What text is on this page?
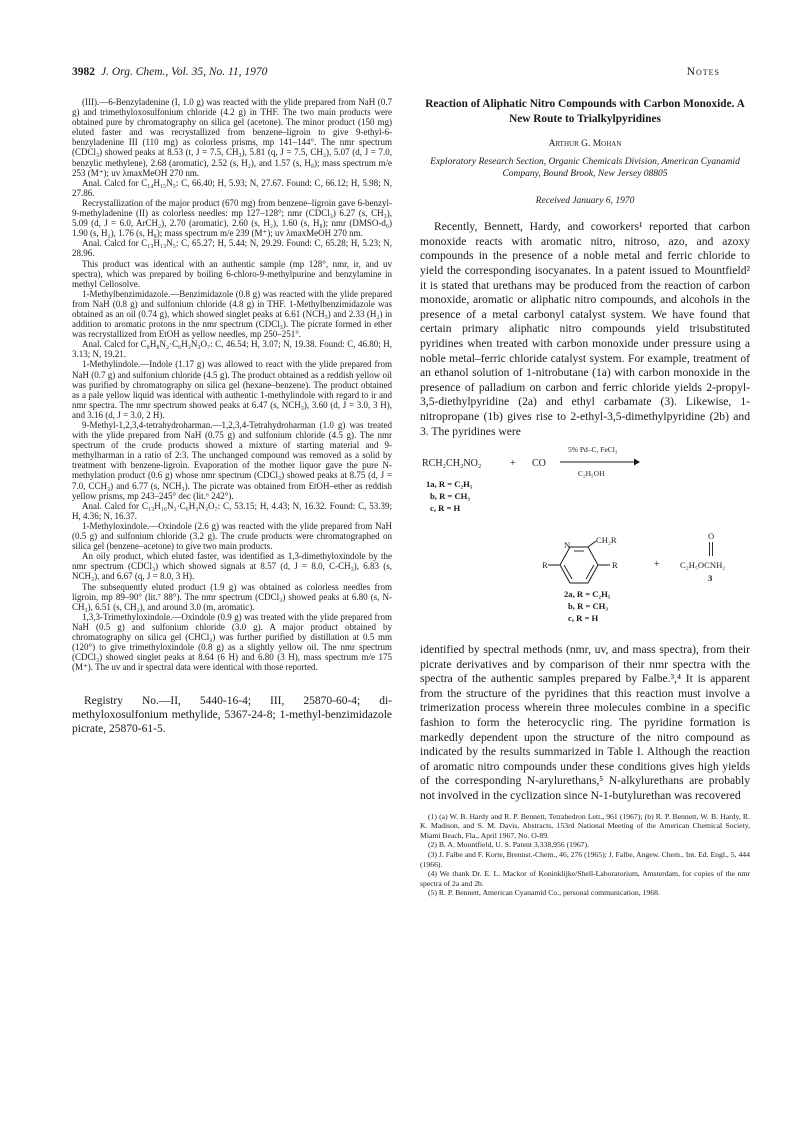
3982 J. Org. Chem., Vol. 35, No. 11, 1970	Notes

(III).—6-Benzyladenine (I, 1.0 g) was reacted with the ylide prepared from NaH (0.7 g) and trimethyloxosulfonium chloride (4.2 g) in THF. The two main products were obtained pure by chromatography on silica gel (acetone). The minor product (150 mg) eluted faster and was recrystallized from benzene–ligroin to give 9-ethyl-6-benzyladenine III (110 mg) as colorless prisms, mp 141–144°. The nmr spectrum (CDCl₃) showed peaks at 8.53 (t, J = 7.5, CH₃), 5.81 (q, J = 7.5, CH₂), 5.07 (d, J = 7.0, benzylic methylene), 2.68 (aromatic), 2.52 (s, H₂), and 1.57 (s, H₈); mass spectrum m/e 253 (M⁺); uv λmaxMeOH 270 nm.

Anal. Calcd for C₁₄H₁₅N₅: C, 66.40; H, 5.93; N, 27.67. Found: C, 66.12; H, 5.98; N, 27.86.

Recrystallization of the major product (670 mg) from benzene–ligroin gave 6-benzyl-9-methyladenine (II) as colorless needles: mp 127–128°; nmr (CDCl₃) 6.27 (s, CH₃), 5.09 (d, J = 6.0, ArCH₂), 2.70 (aromatic), 2.60 (s, H₂), 1.60 (s, H₈); nmr (DMSO-d₆) 1.90 (s, H₂), 1.76 (s, H₈); mass spectrum m/e 239 (M⁺); uv λmaxMeOH 270 nm.

Anal. Calcd for C₁₃H₁₃N₅: C, 65.27; H, 5.44; N, 29.29. Found: C, 65.28; H, 5.23; N, 28.96.

This product was identical with an authentic sample (mp 128°, nmr, ir, and uv spectra), which was prepared by boiling 6-chloro-9-methylpurine and benzylamine in methyl Cellosolve.

1-Methylbenzimidazole.—Benzimidazole (0.8 g) was reacted with the ylide prepared from NaH (0.8 g) and sulfonium chloride (4.8 g) in THF. 1-Methylbenzimidazole was obtained as an oil (0.74 g), which showed singlet peaks at 6.61 (NCH₃) and 2.33 (H₂) in addition to aromatic protons in the nmr spectrum (CDCl₃). The picrate formed in ether was recrystallized from EtOH as yellow needles, mp 250–251°.

Anal. Calcd for C₈H₈N₂·C₆H₃N₃O₇: C, 46.54; H, 3.07; N, 19.38. Found: C, 46.80; H, 3.13; N, 19.21.

1-Methylindole.—Indole (1.17 g) was allowed to react with the ylide prepared from NaH (0.7 g) and sulfonium chloride (4.5 g). The product obtained as a reddish yellow oil was purified by chromatography on silica gel (hexane–benzene). The product obtained as a pale yellow liquid was identical with authentic 1-methylindole with regard to ir and nmr spectra. The nmr spectrum showed peaks at 6.47 (s, NCH₃), 3.60 (d, J = 3.0, 3 H), and 3.16 (d, J = 3.0, 2 H).

9-Methyl-1,2,3,4-tetrahydroharman.—1,2,3,4-Tetrahydroharman (1.0 g) was treated with the ylide prepared from NaH (0.75 g) and sulfonium chloride (4.5 g). The nmr spectrum of the crude products showed a mixture of starting material and 9-methylharman in a ratio of 2:3. The unchanged compound was removed as a solid by treatment with benzene-ligroin. Evaporation of the mother liquor gave the pure N-methylation product (0.6 g) whose nmr spectrum (CDCl₃) showed peaks at 8.75 (d, J = 7.0, CCH₃) and 6.77 (s, NCH₃). The picrate was obtained from EtOH–ether as reddish yellow prisms, mp 243–245° dec (lit.⁶ 242°).

Anal. Calcd for C₁₃H₁₆N₂·C₆H₃N₃O₇: C, 53.15; H, 4.43; N, 16.32. Found: C, 53.39; H, 4.36; N, 16.37.

1-Methyloxindole.—Oxindole (2.6 g) was reacted with the ylide prepared from NaH (0.5 g) and sulfonium chloride (3.2 g). The crude products were chromatographed on silica gel (benzene–acetone) to give two main products.

An oily product, which eluted faster, was identified as 1,3-dimethyloxindole by the nmr spectrum (CDCl₃) which showed signals at 8.57 (d, J = 8.0, C-CH₃), 6.83 (s, NCH₃), and 6.67 (q, J = 8.0, 3 H).

The subsequently eluted product (1.9 g) was obtained as colorless needles from ligroin, mp 89–90° (lit.⁷ 88°). The nmr spectrum (CDCl₃) showed peaks at 6.80 (s, N-CH₃), 6.51 (s, CH₂), and around 3.0 (m, aromatic).

1,3,3-Trimethyloxindole.—Oxindole (0.9 g) was treated with the ylide prepared from NaH (0.5 g) and sulfonium chloride (3.0 g). A major product obtained by chromatography on silica gel (CHCl₃) was further purified by distillation at 0.5 mm (120°) to give trimethyloxindole (0.8 g) as a slightly yellow oil. The nmr spectrum (CDCl₃) showed singlet peaks at 8.64 (6 H) and 6.80 (3 H), mass spectrum m/e 175 (M⁺). The uv and ir spectral data were identical with those reported.

Registry No.—II, 5440-16-4; III, 25870-60-4; di-methyloxosulfonium methylide, 5367-24-8; 1-methyl-benzimidazole picrate, 25870-61-5.

Reaction of Aliphatic Nitro Compounds with Carbon Monoxide. A New Route to Trialkylpyridines
Arthur G. Mohan
Exploratory Research Section, Organic Chemicals Division, American Cyanamid Company, Bound Brook, New Jersey 08805
Received January 6, 1970

Recently, Bennett, Hardy, and coworkers¹ reported that carbon monoxide reacts with aromatic nitro, nitroso, azo, and azoxy compounds in the presence of a noble metal and ferric chloride to yield the corresponding isocyanates. In a patent issued to Mountfield² it is stated that urethans may be produced from the reaction of carbon monoxide, aromatic or aliphatic nitro compounds, and alcohols in the presence of a metal carbonyl catalyst system. We have found that certain primary aliphatic nitro compounds yield trisubstituted pyridines when treated with carbon monoxide under pressure using a noble metal–ferric chloride catalyst system. For example, treatment of an ethanol solution of 1-nitrobutane (1a) with carbon monoxide in the presence of palladium on carbon and ferric chloride yields 2-propyl-3,5-diethylpyridine (2a) and ethyl carbamate (3). Likewise, 1-nitropropane (1b) gives rise to 2-ethyl-3,5-dimethylpyridine (2b) and 3. The pyridines were

RCH₂CH₂NO₂	+ CO
5% Pd–C, FeCl₃
C₂H₅OH
1a, R = C₂H₅
b, R = CH₃
c, R = H
N	CH₂R
R	R
2a, R = C₂H₅
b, R = CH₃
c, R = H
+
O
C₂H₅OCNH₂
3

identified by spectral methods (nmr, uv, and mass spectra), from their picrate derivatives and by comparison of their nmr spectra with the spectra of the authentic samples prepared by Falbe.³,⁴ It is apparent from the structure of the pyridines that this reaction must involve a trimerization process wherein three molecules combine in a specific fashion to form the heterocyclic ring. The pyridine formation is markedly dependent upon the structure of the nitro compound as indicated by the results summarized in Table I. Although the reaction of aromatic nitro compounds under these conditions gives high yields of the corresponding N-arylurethans,⁵ N-alkylurethans are probably not involved in the cyclization since N-1-butylurethan was recovered

(1) (a) W. B. Hardy and R. P. Bennett, Tetrahedron Lett., 961 (1967); (b) R. P. Bennett, W. B. Hardy, R. K. Madison, and S. M. Davis, Abstracts, 153rd National Meeting of the American Chemical Society, Miami Beach, Fla., April 1967, No. O-89.

(2) B. A. Mountfield, U. S. Patent 3,338,956 (1967).

(3) J. Falbe and F. Korte, Brennst.-Chem., 46, 276 (1965); J. Falbe, Angew. Chem., Int. Ed. Engl., 5, 444 (1966).

(4) We thank Dr. E. L. Mackor of Koninklijke/Shell-Laboratorium, Amsterdam, for copies of the nmr spectra of 2a and 2b.

(5) R. P. Bennett, American Cyanamid Co., personal communication, 1968.
